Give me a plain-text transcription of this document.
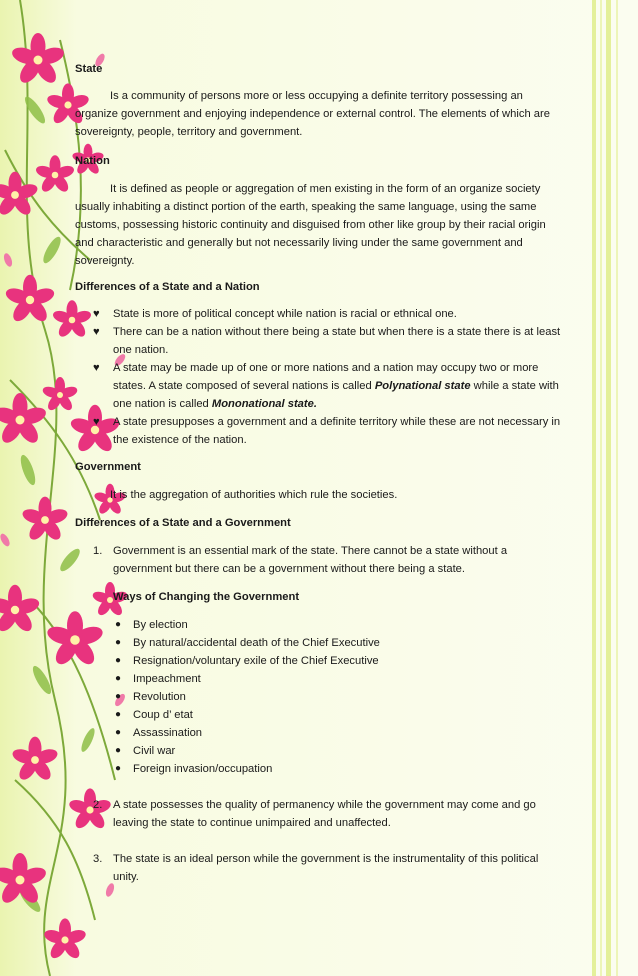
State
Is a community of persons more or less occupying a definite territory possessing an organize government and enjoying independence or external control. The elements of which are sovereignty, people, territory and government.
Nation
It is defined as people or aggregation of men existing in the form of an organize society usually inhabiting a distinct portion of the earth, speaking the same language, using the same customs, possessing historic continuity and disguised from other like group by their racial origin and characteristic and generally but not necessarily living under the same government and sovereignty.
Differences of a State and a Nation
♥	State is more of political concept while nation is racial or ethnical one.
♥	There can be a nation without there being a state but when there is a state there is at least one nation.
♥	A state may be made up of one or more nations and a nation may occupy two or more states. A state composed of several nations is called Polynational state while a state with one nation is called Mononational state.
♥	A state presupposes a government and a definite territory while these are not necessary in the existence of the nation.
Government
It is the aggregation of authorities which rule the societies.
Differences of a State and a Government
1. Government is an essential mark of the state. There cannot be a state without a government but there can be a government without there being a state.
Ways of Changing the Government
● By election
● By natural/accidental death of the Chief Executive
● Resignation/voluntary exile of the Chief Executive
● Impeachment
● Revolution
● Coup d’ etat
● Assassination
● Civil war
● Foreign invasion/occupation
2. A state possesses the quality of permanency while the government may come and go leaving the state to continue unimpaired and unaffected.
3. The state is an ideal person while the government is the instrumentality of this political unity.
